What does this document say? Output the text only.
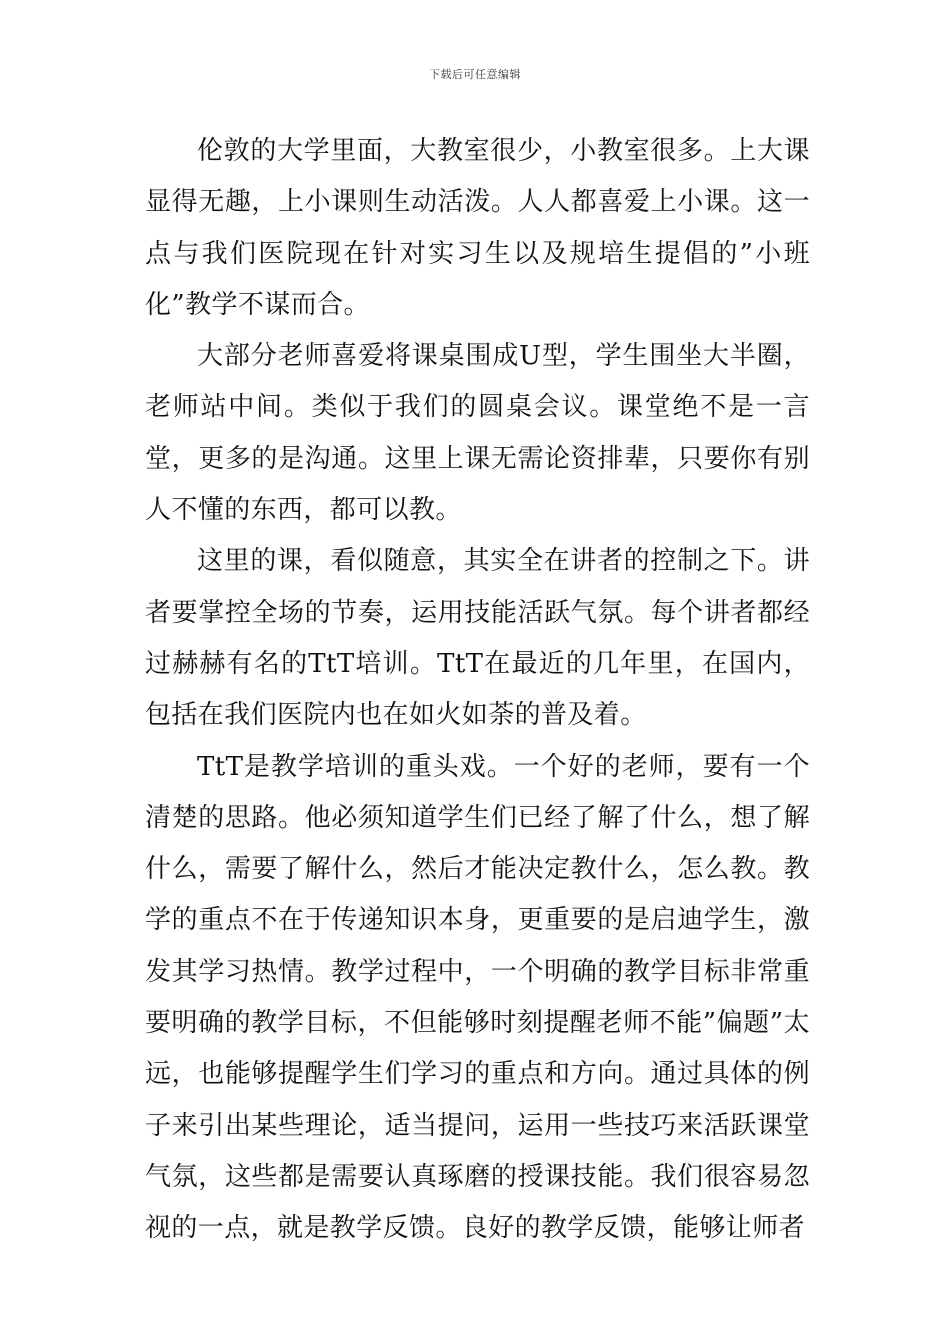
下载后可任意编辑

伦敦的大学里面，大教室很少，小教室很多。上大课显得无趣，上小课则生动活泼。人人都喜爱上小课。这一点与我们医院现在针对实习生以及规培生提倡的”小班化”教学不谋而合。

大部分老师喜爱将课桌围成U型，学生围坐大半圈，老师站中间。类似于我们的圆桌会议。课堂绝不是一言堂，更多的是沟通。这里上课无需论资排辈，只要你有别人不懂的东西，都可以教。

这里的课，看似随意，其实全在讲者的控制之下。讲者要掌控全场的节奏，运用技能活跃气氛。每个讲者都经过赫赫有名的TtT培训。TtT在最近的几年里，在国内，包括在我们医院内也在如火如荼的普及着。

TtT是教学培训的重头戏。一个好的老师，要有一个清楚的思路。他必须知道学生们已经了解了什么，想了解什么，需要了解什么，然后才能决定教什么，怎么教。教学的重点不在于传递知识本身，更重要的是启迪学生，激发其学习热情。教学过程中，一个明确的教学目标非常重要明确的教学目标，不但能够时刻提醒老师不能”偏题”太远，也能够提醒学生们学习的重点和方向。通过具体的例子来引出某些理论，适当提问，运用一些技巧来活跃课堂气氛，这些都是需要认真琢磨的授课技能。我们很容易忽视的一点，就是教学反馈。良好的教学反馈，能够让师者
